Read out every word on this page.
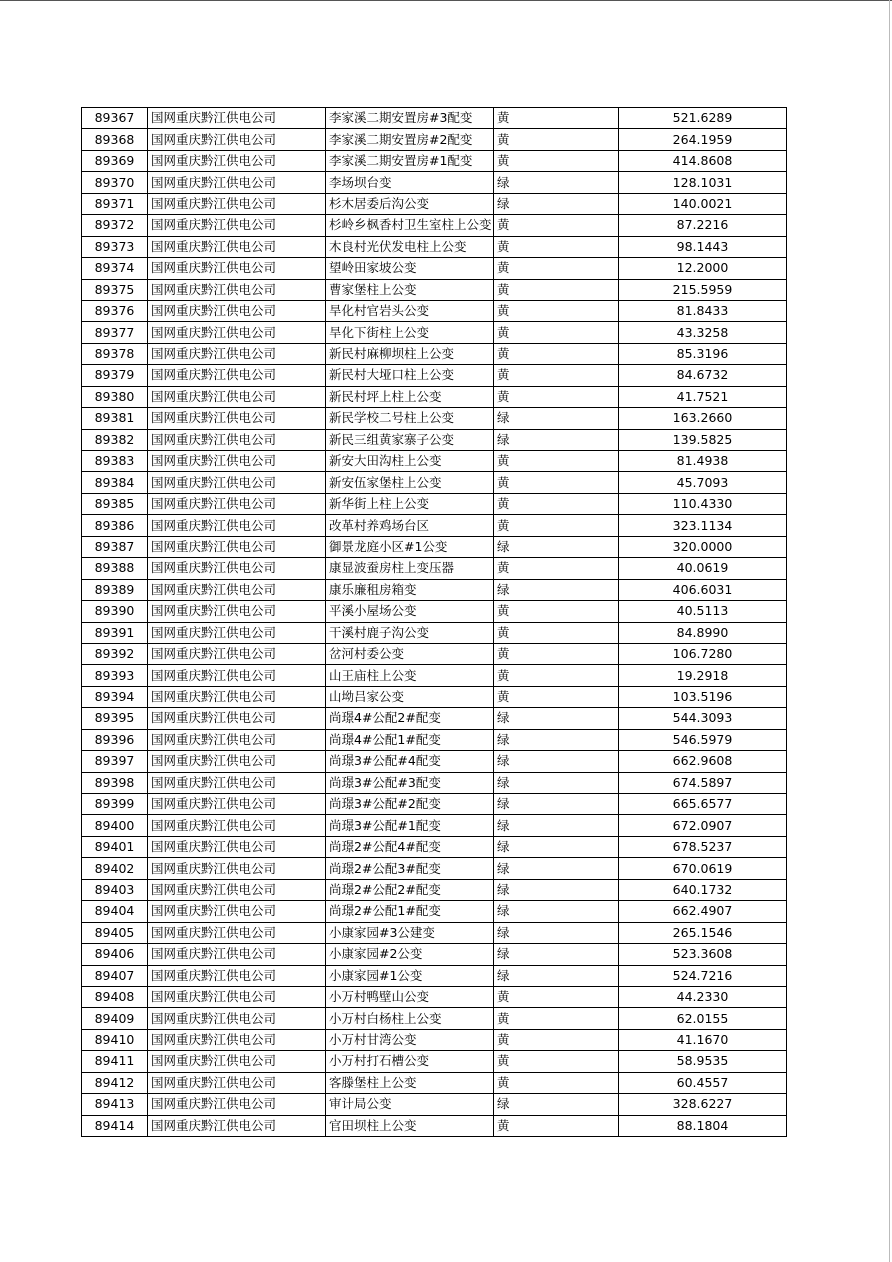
89367	国网重庆黔江供电公司	李家溪二期安置房#3配变	黄	521.6289
89368	国网重庆黔江供电公司	李家溪二期安置房#2配变	黄	264.1959
89369	国网重庆黔江供电公司	李家溪二期安置房#1配变	黄	414.8608
89370	国网重庆黔江供电公司	李场坝台变	绿	128.1031
89371	国网重庆黔江供电公司	杉木居委后沟公变	绿	140.0021
89372	国网重庆黔江供电公司	杉岭乡枫香村卫生室柱上公变	黄	87.2216
89373	国网重庆黔江供电公司	木良村光伏发电柱上公变	黄	98.1443
89374	国网重庆黔江供电公司	望岭田家坡公变	黄	12.2000
89375	国网重庆黔江供电公司	曹家堡柱上公变	黄	215.5959
89376	国网重庆黔江供电公司	旱化村官岩头公变	黄	81.8433
89377	国网重庆黔江供电公司	旱化下街柱上公变	黄	43.3258
89378	国网重庆黔江供电公司	新民村麻柳坝柱上公变	黄	85.3196
89379	国网重庆黔江供电公司	新民村大垭口柱上公变	黄	84.6732
89380	国网重庆黔江供电公司	新民村坪上柱上公变	黄	41.7521
89381	国网重庆黔江供电公司	新民学校二号柱上公变	绿	163.2660
89382	国网重庆黔江供电公司	新民三组黄家寨子公变	绿	139.5825
89383	国网重庆黔江供电公司	新安大田沟柱上公变	黄	81.4938
89384	国网重庆黔江供电公司	新安伍家堡柱上公变	黄	45.7093
89385	国网重庆黔江供电公司	新华街上柱上公变	黄	110.4330
89386	国网重庆黔江供电公司	改革村养鸡场台区	黄	323.1134
89387	国网重庆黔江供电公司	御景龙庭小区#1公变	绿	320.0000
89388	国网重庆黔江供电公司	康显波蚕房柱上变压器	黄	40.0619
89389	国网重庆黔江供电公司	康乐廉租房箱变	绿	406.6031
89390	国网重庆黔江供电公司	平溪小屋场公变	黄	40.5113
89391	国网重庆黔江供电公司	干溪村鹿子沟公变	黄	84.8990
89392	国网重庆黔江供电公司	岔河村委公变	黄	106.7280
89393	国网重庆黔江供电公司	山王庙柱上公变	黄	19.2918
89394	国网重庆黔江供电公司	山坳吕家公变	黄	103.5196
89395	国网重庆黔江供电公司	尚璟4#公配2#配变	绿	544.3093
89396	国网重庆黔江供电公司	尚璟4#公配1#配变	绿	546.5979
89397	国网重庆黔江供电公司	尚璟3#公配#4配变	绿	662.9608
89398	国网重庆黔江供电公司	尚璟3#公配#3配变	绿	674.5897
89399	国网重庆黔江供电公司	尚璟3#公配#2配变	绿	665.6577
89400	国网重庆黔江供电公司	尚璟3#公配#1配变	绿	672.0907
89401	国网重庆黔江供电公司	尚璟2#公配4#配变	绿	678.5237
89402	国网重庆黔江供电公司	尚璟2#公配3#配变	绿	670.0619
89403	国网重庆黔江供电公司	尚璟2#公配2#配变	绿	640.1732
89404	国网重庆黔江供电公司	尚璟2#公配1#配变	绿	662.4907
89405	国网重庆黔江供电公司	小康家园#3公建变	绿	265.1546
89406	国网重庆黔江供电公司	小康家园#2公变	绿	523.3608
89407	国网重庆黔江供电公司	小康家园#1公变	绿	524.7216
89408	国网重庆黔江供电公司	小万村鸭壁山公变	黄	44.2330
89409	国网重庆黔江供电公司	小万村白杨柱上公变	黄	62.0155
89410	国网重庆黔江供电公司	小万村甘湾公变	黄	41.1670
89411	国网重庆黔江供电公司	小万村打石槽公变	黄	58.9535
89412	国网重庆黔江供电公司	客滕堡柱上公变	黄	60.4557
89413	国网重庆黔江供电公司	审计局公变	绿	328.6227
89414	国网重庆黔江供电公司	官田坝柱上公变	黄	88.1804
